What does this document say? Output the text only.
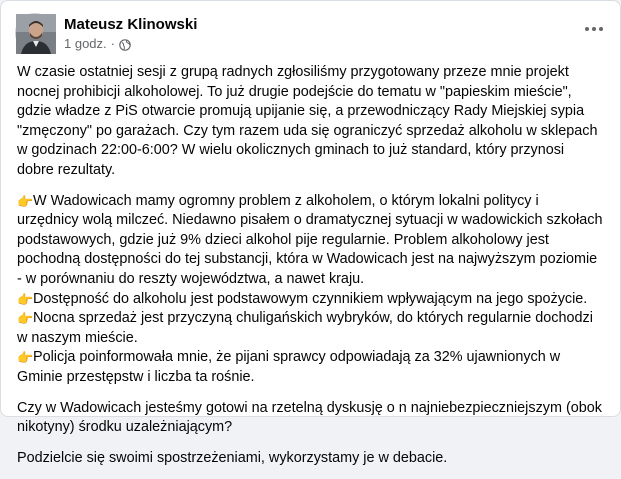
Mateusz Klinowski
1 godz. ·
W czasie ostatniej sesji z grupą radnych zgłosiliśmy przygotowany przeze mnie projekt nocnej prohibicji alkoholowej. To już drugie podejście do tematu w "papieskim mieście", gdzie władze z PiS otwarcie promują upijanie się, a przewodniczący Rady Miejskiej sypia "zmęczony" po garażach. Czy tym razem uda się ograniczyć sprzedaż alkoholu w sklepach w godzinach 22:00-6:00? W wielu okolicznych gminach to już standard, który przynosi dobre rezultaty.
👉W Wadowicach mamy ogromny problem z alkoholem, o którym lokalni politycy i urzędnicy wolą milczeć. Niedawno pisałem o dramatycznej sytuacji w wadowickich szkołach podstawowych, gdzie już 9% dzieci alkohol pije regularnie. Problem alkoholowy jest pochodną dostępności do tej substancji, która w Wadowicach jest na najwyższym poziomie - w porównaniu do reszty województwa, a nawet kraju.
👉Dostępność do alkoholu jest podstawowym czynnikiem wpływającym na jego spożycie.
👉Nocna sprzedaż jest przyczyną chuligańskich wybryków, do których regularnie dochodzi w naszym mieście.
👉Policja poinformowała mnie, że pijani sprawcy odpowiadają za 32% ujawnionych w Gminie przestępstw i liczba ta rośnie.
Czy w Wadowicach jesteśmy gotowi na rzetelną dyskusję o n najniebezpieczniejszym (obok nikotyny) środku uzależniającym?
Podzielcie się swoimi spostrzeżeniami, wykorzystamy je w debacie.
